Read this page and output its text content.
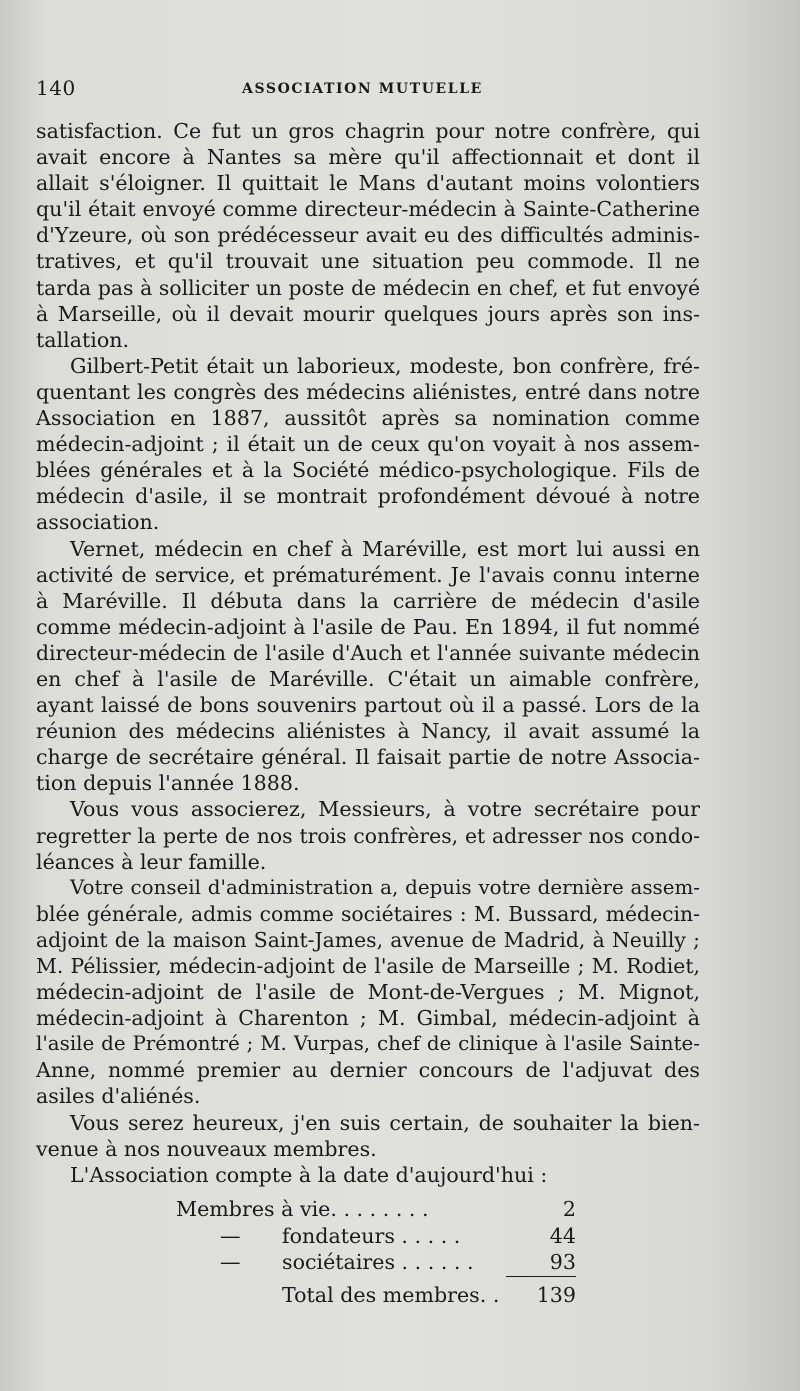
140	ASSOCIATION MUTUELLE
satisfaction. Ce fut un gros chagrin pour notre confrère, qui
avait encore à Nantes sa mère qu'il affectionnait et dont il
allait s'éloigner. Il quittait le Mans d'autant moins volontiers
qu'il était envoyé comme directeur-médecin à Sainte-Catherine
d'Yzeure, où son prédécesseur avait eu des difficultés adminis-
tratives, et qu'il trouvait une situation peu commode. Il ne
tarda pas à solliciter un poste de médecin en chef, et fut envoyé
à Marseille, où il devait mourir quelques jours après son ins-
tallation.
Gilbert-Petit était un laborieux, modeste, bon confrère, fré-
quentant les congrès des médecins aliénistes, entré dans notre
Association en 1887, aussitôt après sa nomination comme
médecin-adjoint ; il était un de ceux qu'on voyait à nos assem-
blées générales et à la Société médico-psychologique. Fils de
médecin d'asile, il se montrait profondément dévoué à notre
association.
Vernet, médecin en chef à Maréville, est mort lui aussi en
activité de service, et prématurément. Je l'avais connu interne
à Maréville. Il débuta dans la carrière de médecin d'asile
comme médecin-adjoint à l'asile de Pau. En 1894, il fut nommé
directeur-médecin de l'asile d'Auch et l'année suivante médecin
en chef à l'asile de Maréville. C'était un aimable confrère,
ayant laissé de bons souvenirs partout où il a passé. Lors de la
réunion des médecins aliénistes à Nancy, il avait assumé la
charge de secrétaire général. Il faisait partie de notre Associa-
tion depuis l'année 1888.
Vous vous associerez, Messieurs, à votre secrétaire pour
regretter la perte de nos trois confrères, et adresser nos condo-
léances à leur famille.
Votre conseil d'administration a, depuis votre dernière assem-
blée générale, admis comme sociétaires : M. Bussard, médecin-
adjoint de la maison Saint-James, avenue de Madrid, à Neuilly ;
M. Pélissier, médecin-adjoint de l'asile de Marseille ; M. Rodiet,
médecin-adjoint de l'asile de Mont-de-Vergues ; M. Mignot,
médecin-adjoint à Charenton ; M. Gimbal, médecin-adjoint à
l'asile de Prémontré ; M. Vurpas, chef de clinique à l'asile Sainte-
Anne, nommé premier au dernier concours de l'adjuvat des
asiles d'aliénés.
Vous serez heureux, j'en suis certain, de souhaiter la bien-
venue à nos nouveaux membres.
L'Association compte à la date d'aujourd'hui :
Membres à vie. . . . . . . .	2
— fondateurs . . . . .	44
— sociétaires . . . . . .	93
Total des membres. . 139
